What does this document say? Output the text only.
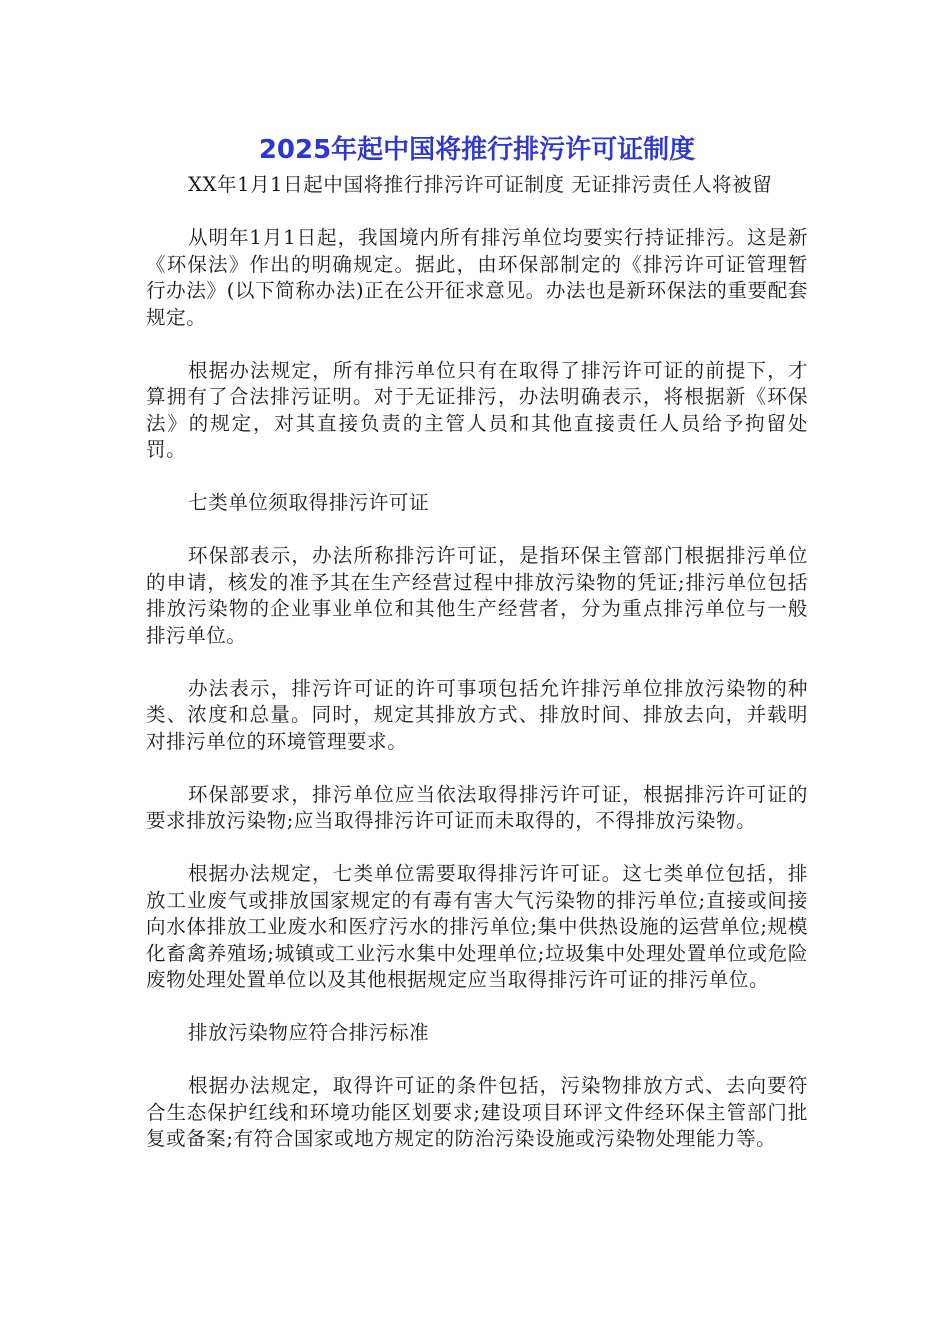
2025年起中国将推行排污许可证制度

XX年1月1日起中国将推行排污许可证制度 无证排污责任人将被留

从明年1月1日起，我国境内所有排污单位均要实行持证排污。这是新《环保法》作出的明确规定。据此，由环保部制定的《排污许可证管理暂行办法》(以下简称办法)正在公开征求意见。办法也是新环保法的重要配套规定。

根据办法规定，所有排污单位只有在取得了排污许可证的前提下，才算拥有了合法排污证明。对于无证排污，办法明确表示，将根据新《环保法》的规定，对其直接负责的主管人员和其他直接责任人员给予拘留处罚。

七类单位须取得排污许可证

环保部表示，办法所称排污许可证，是指环保主管部门根据排污单位的申请，核发的准予其在生产经营过程中排放污染物的凭证;排污单位包括排放污染物的企业事业单位和其他生产经营者，分为重点排污单位与一般排污单位。

办法表示，排污许可证的许可事项包括允许排污单位排放污染物的种类、浓度和总量。同时，规定其排放方式、排放时间、排放去向，并载明对排污单位的环境管理要求。

环保部要求，排污单位应当依法取得排污许可证，根据排污许可证的要求排放污染物;应当取得排污许可证而未取得的，不得排放污染物。

根据办法规定，七类单位需要取得排污许可证。这七类单位包括，排放工业废气或排放国家规定的有毒有害大气污染物的排污单位;直接或间接向水体排放工业废水和医疗污水的排污单位;集中供热设施的运营单位;规模化畜禽养殖场;城镇或工业污水集中处理单位;垃圾集中处理处置单位或危险废物处理处置单位以及其他根据规定应当取得排污许可证的排污单位。

排放污染物应符合排污标准

根据办法规定，取得许可证的条件包括，污染物排放方式、去向要符合生态保护红线和环境功能区划要求;建设项目环评文件经环保主管部门批复或备案;有符合国家或地方规定的防治污染设施或污染物处理能力等。
